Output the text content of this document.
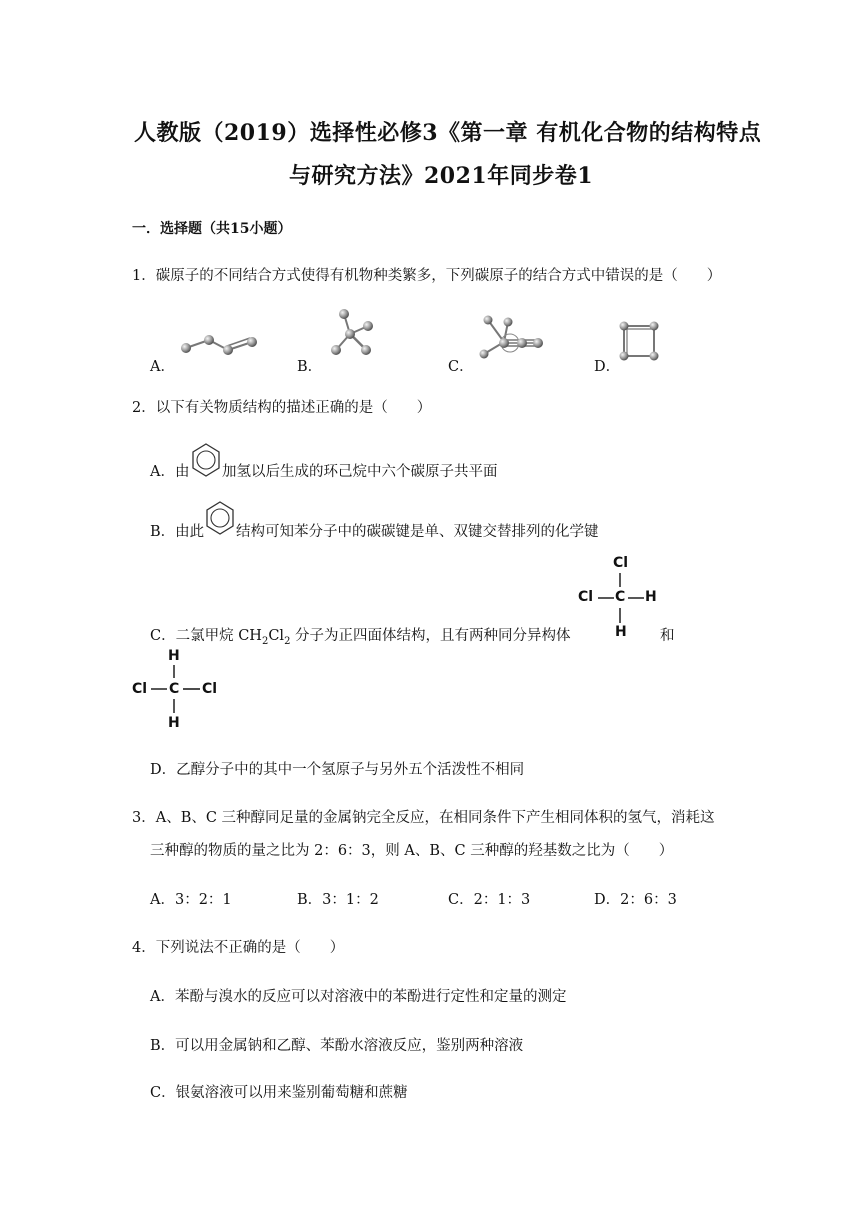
人教版（2019）选择性必修3《第一章 有机化合物的结构特点
与研究方法》2021年同步卷1
一．选择题（共15小题）
1．碳原子的不同结合方式使得有机物种类繁多，下列碳原子的结合方式中错误的是（　　）
A．	B．	C．	D．
2．以下有关物质结构的描述正确的是（　　）
A．由 加氢以后生成的环己烷中六个碳原子共平面
B．由此 结构可知苯分子中的碳碳键是单、双键交替排列的化学键
C．二氯甲烷 $CH_2Cl_2$ 分子为正四面体结构，且有两种同分异构体
Cl
Cl C H
H 和
H
Cl C Cl
H
D．乙醇分子中的其中一个氢原子与另外五个活泼性不相同
3．A、B、C 三种醇同足量的金属钠完全反应，在相同条件下产生相同体积的氢气，消耗这
三种醇的物质的量之比为 2：6：3，则 A、B、C 三种醇的羟基数之比为（　　）
A．3：2：1	B．3：1：2	C．2：1：3	D．2：6：3
4．下列说法不正确的是（　　）
A．苯酚与溴水的反应可以对溶液中的苯酚进行定性和定量的测定
B．可以用金属钠和乙醇、苯酚水溶液反应，鉴别两种溶液
C．银氨溶液可以用来鉴别葡萄糖和蔗糖
